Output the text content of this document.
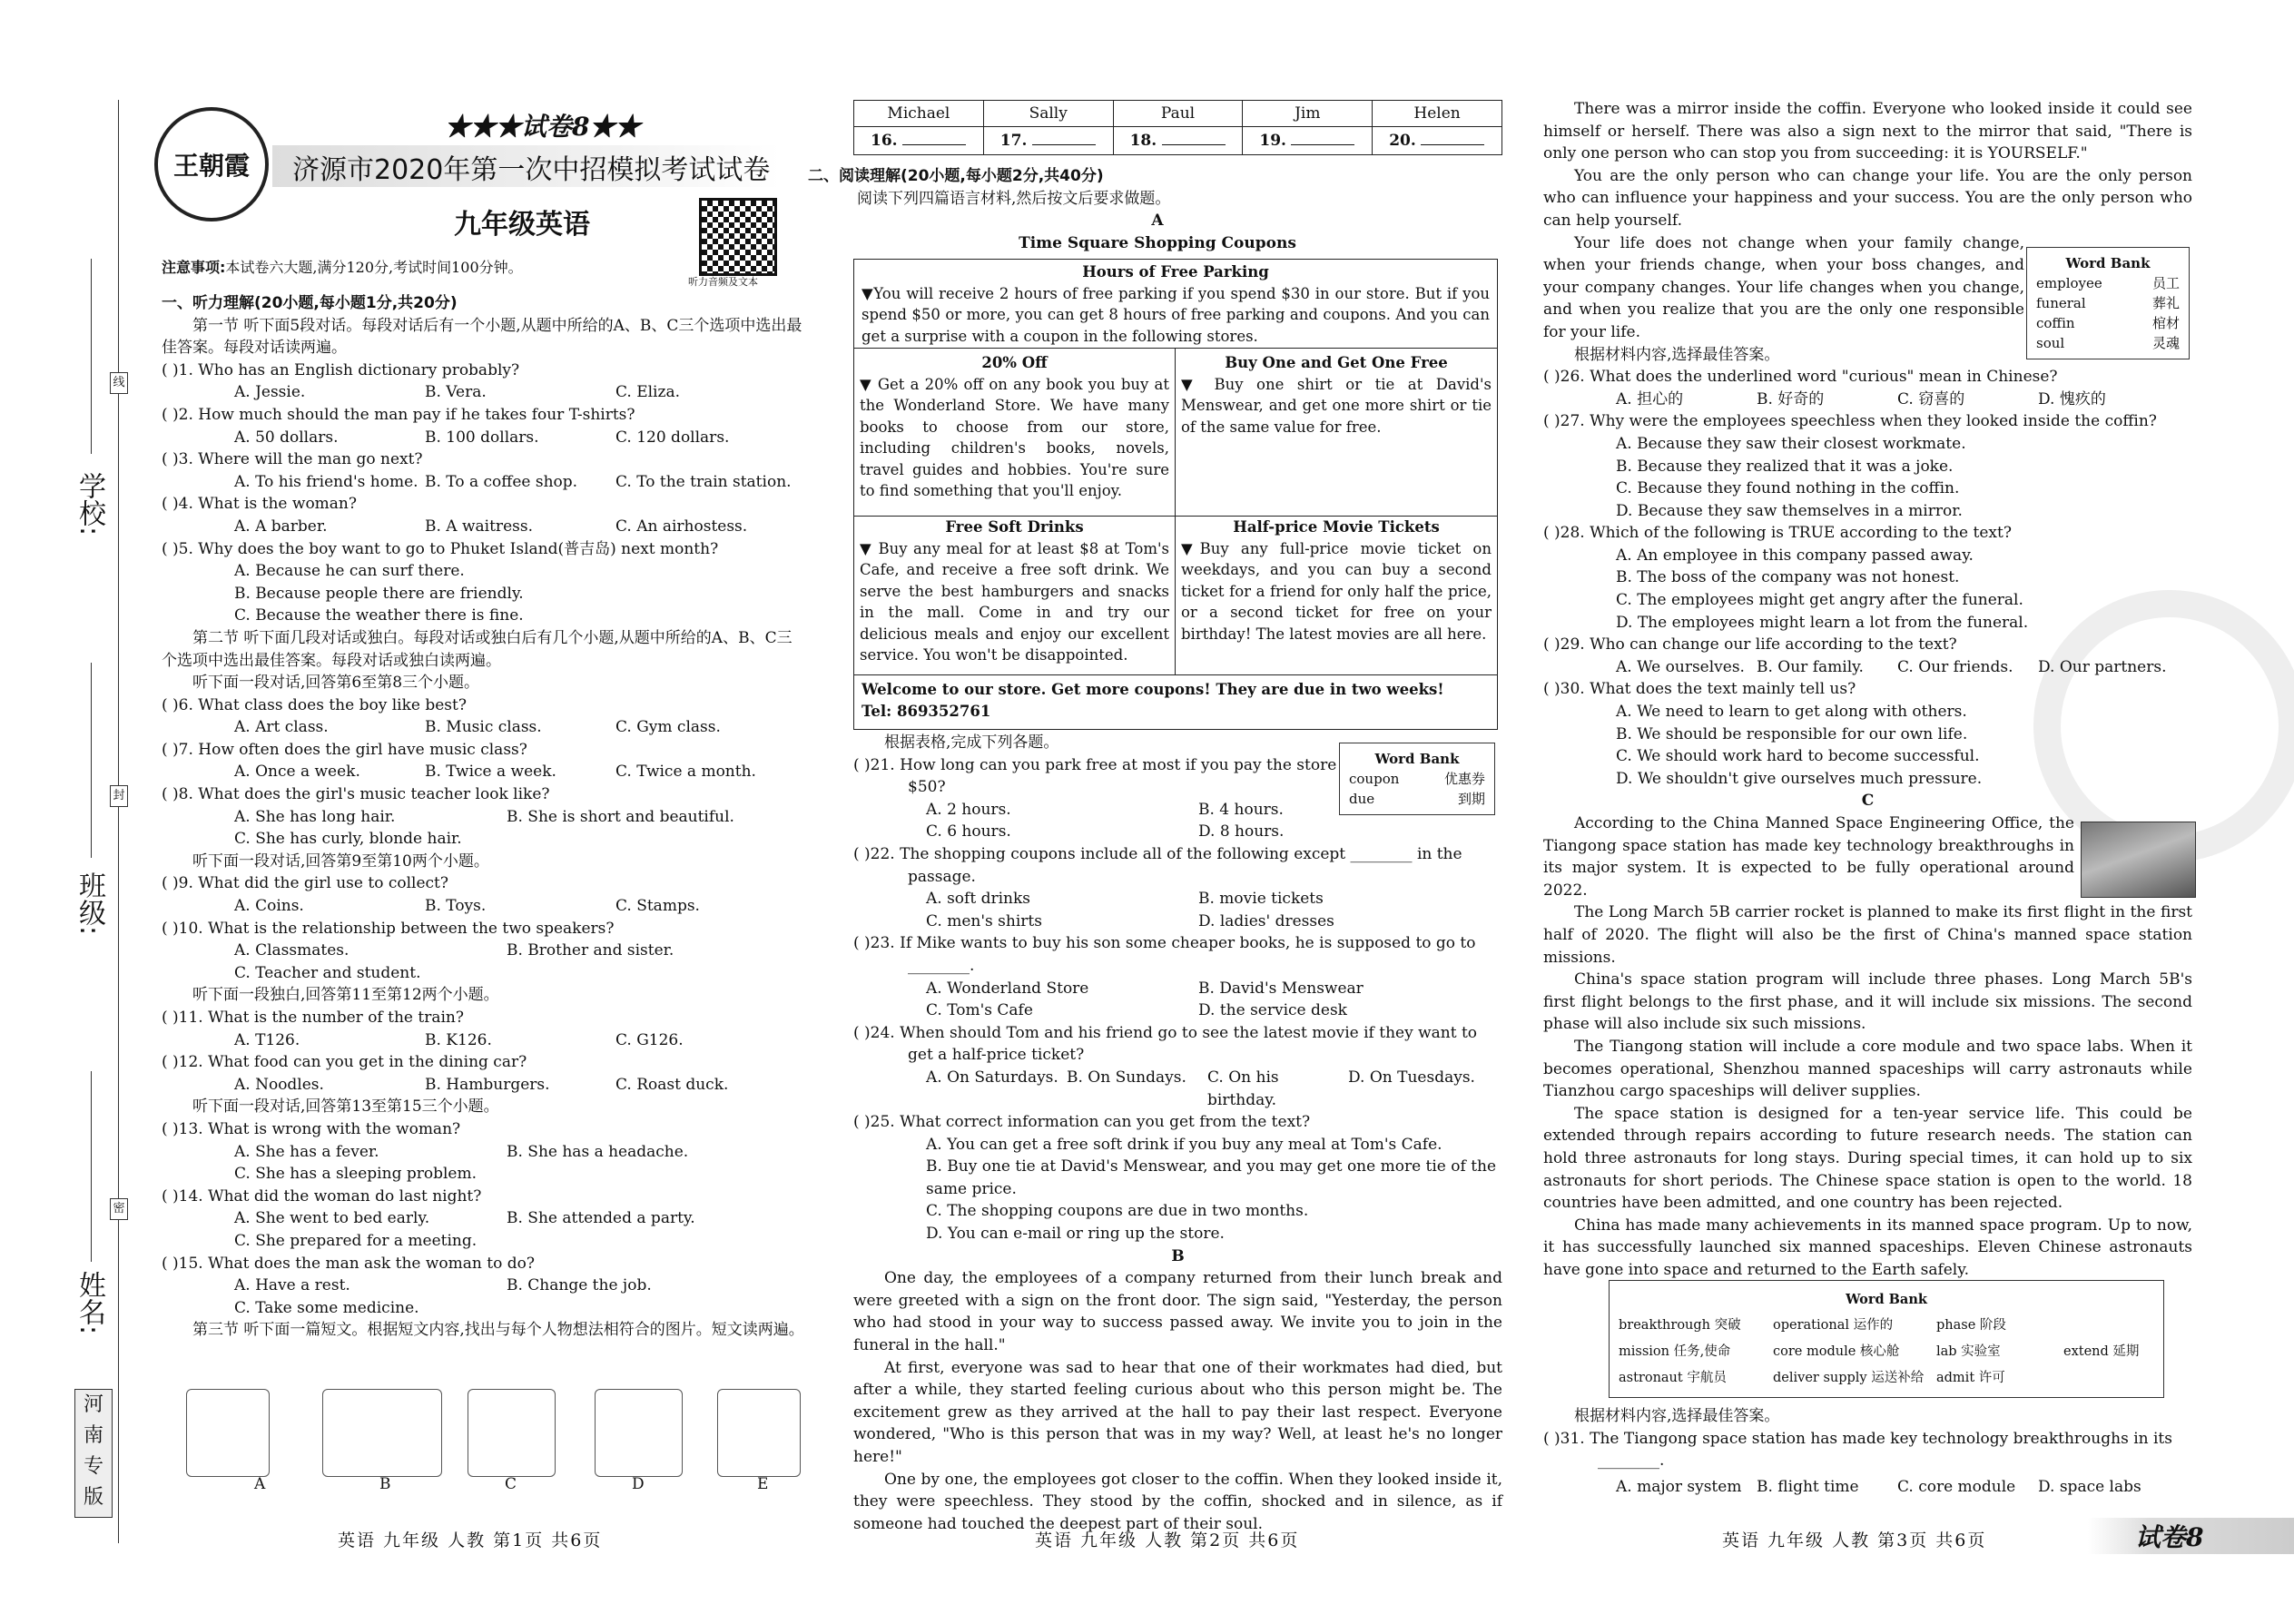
学校:
班级:
姓名:
线
封
密
河
南
专
版
王朝霞
★★★试卷8★★
济源市2020年第一次中招模拟考试试卷
九年级英语
听力音频及文本
注意事项:本试卷六大题,满分120分,考试时间100分钟。

一、听力理解(20小题,每小题1分,共20分)

第一节 听下面5段对话。每段对话后有一个小题,从题中所给的A、B、C三个选项中选出最佳答案。每段对话读两遍。

( )1. Who has an English dictionary probably?

A. Jessie.	B. Vera.	C. Eliza.

( )2. How much should the man pay if he takes four T-shirts?

A. 50 dollars.	B. 100 dollars.	C. 120 dollars.

( )3. Where will the man go next?

A. To his friend's home. B. To a coffee shop.	C. To the train station.

( )4. What is the woman?

A. A barber.	B. A waitress.	C. An airhostess.

( )5. Why does the boy want to go to Phuket Island(普吉岛) next month?

A. Because he can surf there.

B. Because people there are friendly.

C. Because the weather there is fine.

第二节 听下面几段对话或独白。每段对话或独白后有几个小题,从题中所给的A、B、C三个选项中选出最佳答案。每段对话或独白读两遍。

听下面一段对话,回答第6至第8三个小题。

( )6. What class does the boy like best?

A. Art class.	B. Music class.	C. Gym class.

( )7. How often does the girl have music class?

A. Once a week.	B. Twice a week.	C. Twice a month.

( )8. What does the girl's music teacher look like?

A. She has long hair.	B. She is short and beautiful.

C. She has curly, blonde hair.

听下面一段对话,回答第9至第10两个小题。

( )9. What did the girl use to collect?

A. Coins.	B. Toys.	C. Stamps.

( )10. What is the relationship between the two speakers?

A. Classmates.	B. Brother and sister.

C. Teacher and student.

听下面一段独白,回答第11至第12两个小题。

( )11. What is the number of the train?

A. T126.	B. K126.	C. G126.

( )12. What food can you get in the dining car?

A. Noodles.	B. Hamburgers.	C. Roast duck.

听下面一段对话,回答第13至第15三个小题。

( )13. What is wrong with the woman?

A. She has a fever.	B. She has a headache.

C. She has a sleeping problem.

( )14. What did the woman do last night?

A. She went to bed early.	B. She attended a party.

C. She prepared for a meeting.

( )15. What does the man ask the woman to do?

A. Have a rest.	B. Change the job.

C. Take some medicine.

第三节 听下面一篇短文。根据短文内容,找出与每个人物想法相符合的图片。短文读两遍。

A	B	C	D	E
Michael	Sally	Paul	Jim	Helen
16.	17.	18.	19.	20.

二、阅读理解(20小题,每小题2分,共40分)

阅读下列四篇语言材料,然后按文后要求做题。

A

Time Square Shopping Coupons

Hours of Free Parking
▼You will receive 2 hours of free parking if you spend $30 in our store. But if you spend $50 or more, you can get 8 hours of free parking and coupons. And you can get a surprise with a coupon in the following stores.
20% Off
▼ Get a 20% off on any book you buy at the Wonderland Store. We have many books to choose from our store, including children's books, novels, travel guides and hobbies. You're sure to find something that you'll enjoy.
Buy One and Get One Free
▼ Buy one shirt or tie at David's Menswear, and get one more shirt or tie of the same value for free.
Free Soft Drinks
▼ Buy any meal for at least $8 at Tom's Cafe, and receive a free soft drink. We serve the best hamburgers and snacks in the mall. Come in and try our delicious meals and enjoy our excellent service. You won't be disappointed.
Half-price Movie Tickets
▼Buy any full-price movie ticket on weekdays, and you can buy a second ticket for a friend for only half the price, or a second ticket for free on your birthday! The latest movies are all here.
Welcome to our store. Get more coupons! They are due in two weeks!
Tel: 869352761
Word Bank
coupon	优惠券
due	到期

根据表格,完成下列各题。

( )21. How long can you park free at most if you pay the store $50?

A. 2 hours.	B. 4 hours.
C. 6 hours.	D. 8 hours.

( )22. The shopping coupons include all of the following except ________ in the passage.

A. soft drinks	B. movie tickets
C. men's shirts	D. ladies' dresses

( )23. If Mike wants to buy his son some cheaper books, he is supposed to go to ________.

A. Wonderland Store	B. David's Menswear
C. Tom's Cafe	D. the service desk

( )24. When should Tom and his friend go to see the latest movie if they want to get a half-price ticket?

A. On Saturdays. B. On Sundays.	C. On his birthday.
D. On Tuesdays.

( )25. What correct information can you get from the text?

A. You can get a free soft drink if you buy any meal at Tom's Cafe.

B. Buy one tie at David's Menswear, and you may get one more tie of the same price.

C. The shopping coupons are due in two months.

D. You can e-mail or ring up the store.

B

One day, the employees of a company returned from their lunch break and were greeted with a sign on the front door. The sign said, "Yesterday, the person who had stood in your way to success passed away. We invite you to join in the funeral in the hall."

At first, everyone was sad to hear that one of their workmates had died, but after a while, they started feeling curious about who this person might be. The excitement grew as they arrived at the hall to pay their last respect. Everyone wondered, "Who is this person that was in my way? Well, at least he's no longer here!"

One by one, the employees got closer to the coffin. When they looked inside it, they were speechless. They stood by the coffin, shocked and in silence, as if someone had touched the deepest part of their soul.

There was a mirror inside the coffin. Everyone who looked inside it could see himself or herself. There was also a sign next to the mirror that said, "There is only one person who can stop you from succeeding: it is YOURSELF."

You are the only person who can change your life. You are the only person who can influence your happiness and your success. You are the only person who can help yourself.

Your life does not change when your family change, when your friends change, when your boss changes, and your company changes. Your life changes when you change, and when you realize that you are the only one responsible for your life.

根据材料内容,选择最佳答案。

( )26. What does the underlined word "curious" mean in Chinese?

A. 担心的	B. 好奇的	C. 窃喜的	D. 愧疚的

( )27. Why were the employees speechless when they looked inside the coffin?

A. Because they saw their closest workmate.

B. Because they realized that it was a joke.

C. Because they found nothing in the coffin.

D. Because they saw themselves in a mirror.

( )28. Which of the following is TRUE according to the text?

A. An employee in this company passed away.

B. The boss of the company was not honest.

C. The employees might get angry after the funeral.

D. The employees might learn a lot from the funeral.

( )29. Who can change our life according to the text?

A. We ourselves. B. Our family.	C. Our friends.	D. Our partners.

( )30. What does the text mainly tell us?

A. We need to learn to get along with others.

B. We should be responsible for our own life.

C. We should work hard to become successful.

D. We shouldn't give ourselves much pressure.

C

According to the China Manned Space Engineering Office, the Tiangong space station has made key technology breakthroughs in its major system. It is expected to be fully operational around 2022.

The Long March 5B carrier rocket is planned to make its first flight in the first half of 2020. The flight will also be the first of China's manned space station missions.

China's space station program will include three phases. Long March 5B's first flight belongs to the first phase, and it will include six missions. The second phase will also include six such missions.

The Tiangong station will include a core module and two space labs. When it becomes operational, Shenzhou manned spaceships will carry astronauts while Tianzhou cargo spaceships will deliver supplies.

The space station is designed for a ten-year service life. This could be extended through repairs according to future research needs. The station can hold three astronauts for long stays. During special times, it can hold up to six astronauts for short periods. The Chinese space station is open to the world. 18 countries have been admitted, and one country has been rejected.

China has made many achievements in its manned space program. Up to now, it has successfully launched six manned spaceships. Eleven Chinese astronauts have gone into space and returned to the Earth safely.

Word Bank
employee	员工
funeral	葬礼
coffin	棺材
soul	灵魂
Word Bank
breakthrough 突破	operational 运作的	phase 阶段
mission 任务,使命	core module 核心舱	lab 实验室	extend 延期
astronaut 宇航员	deliver supply 运送补给 admit 许可

根据材料内容,选择最佳答案。

( )31. The Tiangong space station has made key technology breakthroughs in its ________.

A. major system B. flight time	C. core module	D. space labs
英语 九年级 人教 第1页 共6页	英语 九年级 人教 第2页 共6页	英语 九年级 人教 第3页 共6页	试卷8
